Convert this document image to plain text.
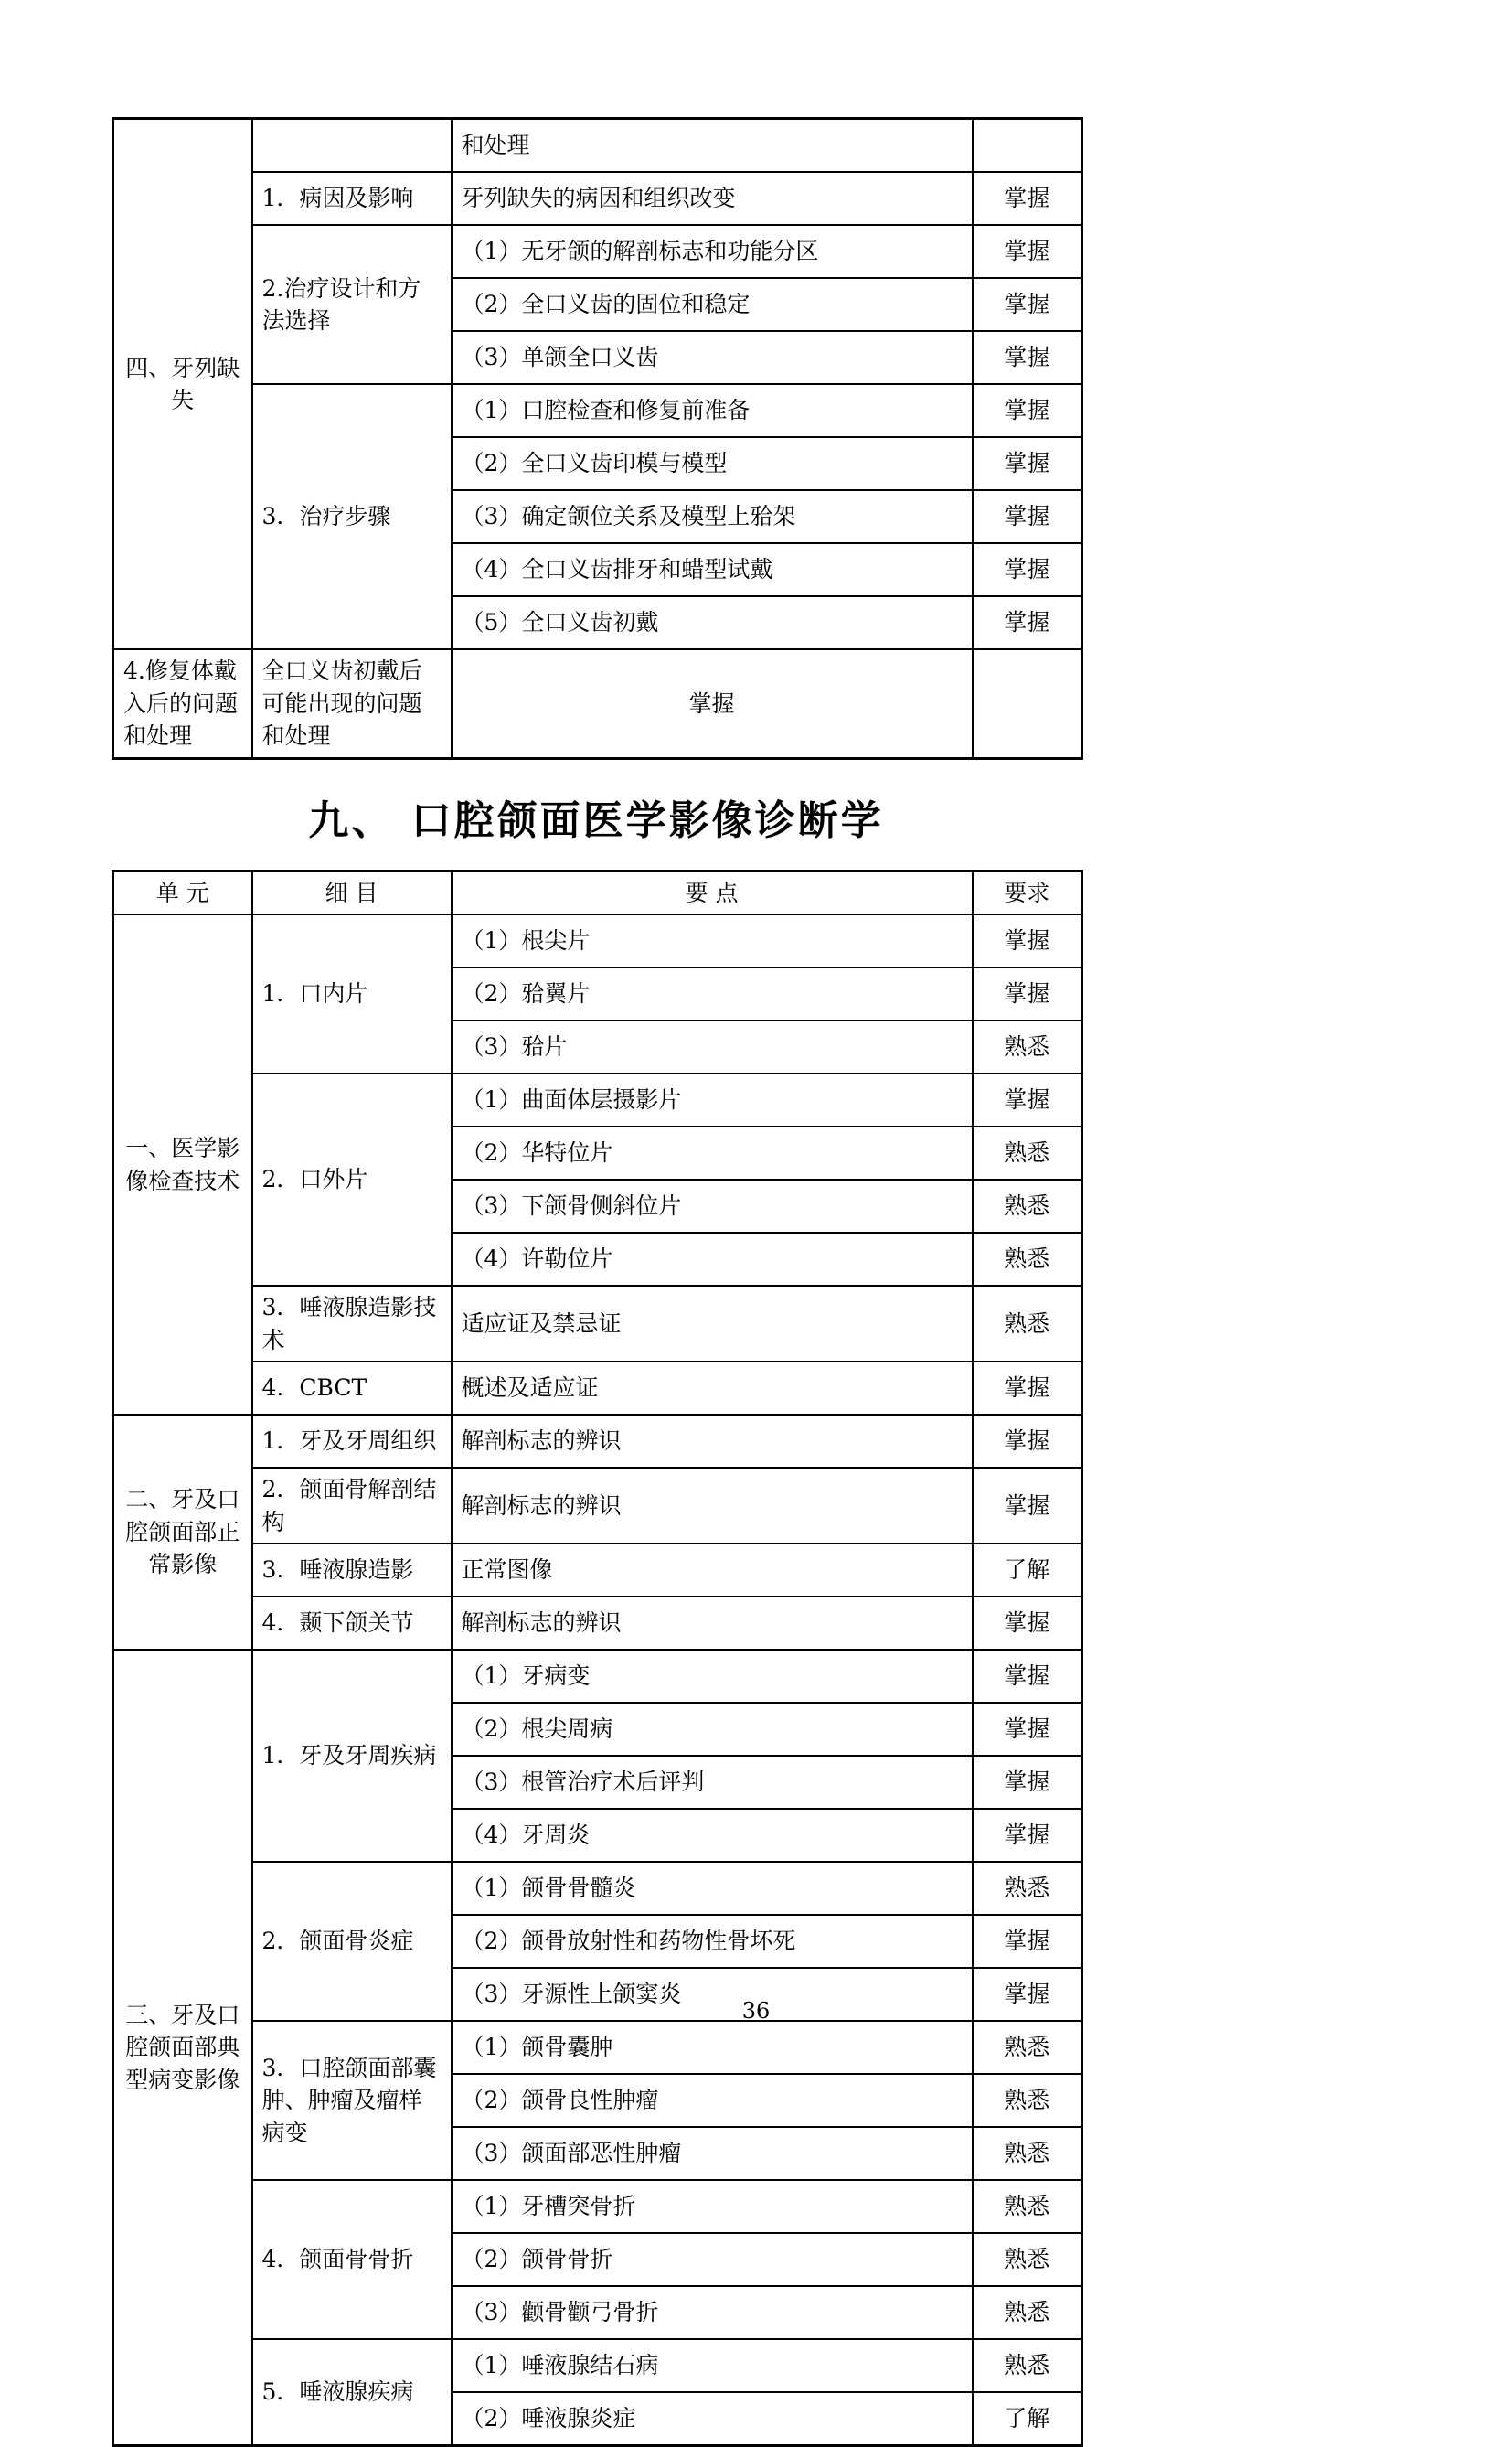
四、牙列缺失		和处理	
	1．病因及影响	牙列缺失的病因和组织改变	掌握
	2.治疗设计和方法选择	（1）无牙颌的解剖标志和功能分区	掌握
		（2）全口义齿的固位和稳定	掌握
		（3）单颌全口义齿	掌握
	3．治疗步骤	（1）口腔检查和修复前准备	掌握
		（2）全口义齿印模与模型	掌握
		（3）确定颌位关系及模型上𬌗架	掌握
		（4）全口义齿排牙和蜡型试戴	掌握
		（5）全口义齿初戴	掌握
4.修复体戴入后的问题和处理	全口义齿初戴后可能出现的问题和处理	掌握	
九、 口腔颌面医学影像诊断学
单 元	细 目	要 点	要求
一、医学影像检查技术	1．口内片	（1）根尖片	掌握
		（2）𬌗翼片	掌握
		（3）𬌗片	熟悉
	2．口外片	（1）曲面体层摄影片	掌握
		（2）华特位片	熟悉
		（3）下颌骨侧斜位片	熟悉
		（4）许勒位片	熟悉
	3．唾液腺造影技术	适应证及禁忌证	熟悉
	4．CBCT	概述及适应证	掌握
二、牙及口腔颌面部正常影像	1．牙及牙周组织	解剖标志的辨识	掌握
	2．颌面骨解剖结构	解剖标志的辨识	掌握
	3．唾液腺造影	正常图像	了解
	4．颞下颌关节	解剖标志的辨识	掌握
三、牙及口腔颌面部典型病变影像	1．牙及牙周疾病	（1）牙病变	掌握
		（2）根尖周病	掌握
		（3）根管治疗术后评判	掌握
		（4）牙周炎	掌握
	2．颌面骨炎症	（1）颌骨骨髓炎	熟悉
		（2）颌骨放射性和药物性骨坏死	掌握
		（3）牙源性上颌窦炎	掌握
	3．口腔颌面部囊肿、肿瘤及瘤样病变	（1）颌骨囊肿	熟悉
		（2）颌骨良性肿瘤	熟悉
		（3）颌面部恶性肿瘤	熟悉
	4．颌面骨骨折	（1）牙槽突骨折	熟悉
		（2）颌骨骨折	熟悉
		（3）颧骨颧弓骨折	熟悉
	5．唾液腺疾病	（1）唾液腺结石病	熟悉
		（2）唾液腺炎症	了解
36
